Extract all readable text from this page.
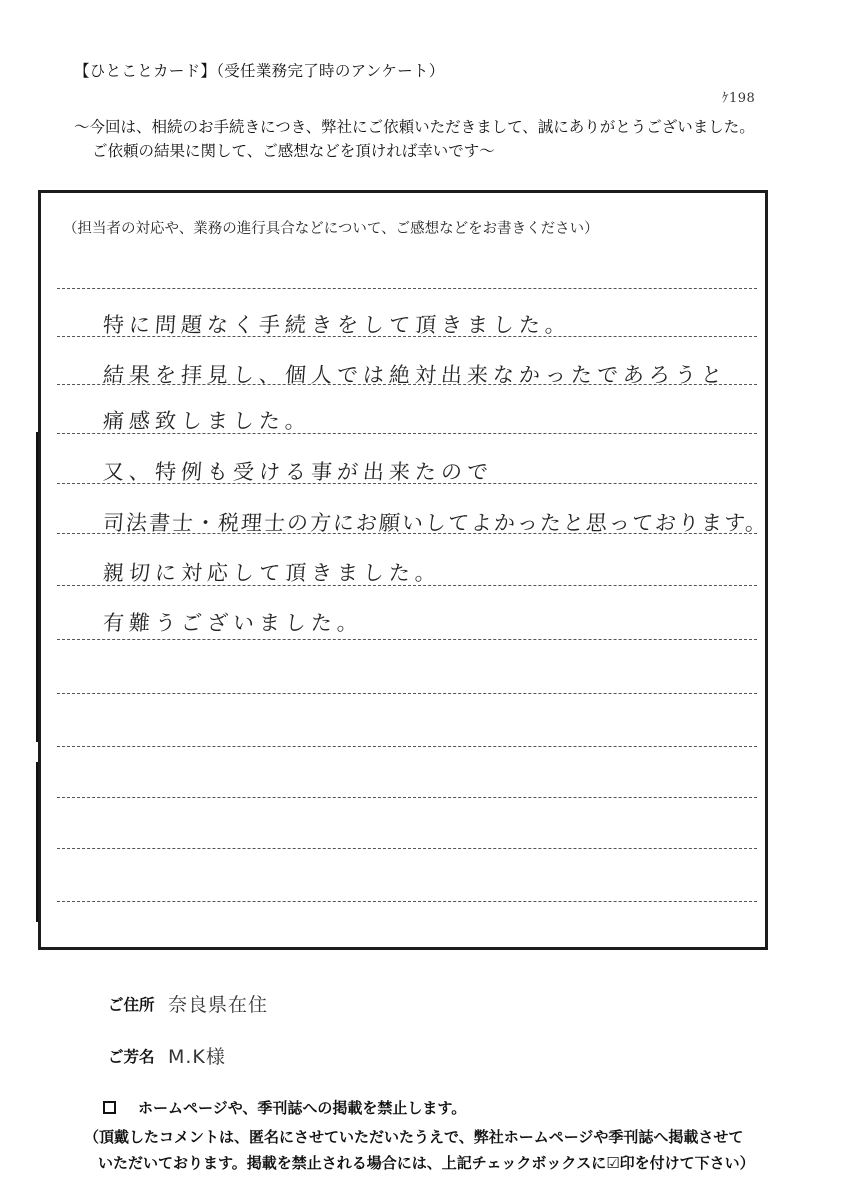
【ひとことカード】（受任業務完了時のアンケート）
ｹ198
～今回は、相続のお手続きにつき、弊社にご依頼いただきまして、誠にありがとうございました。
ご依頼の結果に関して、ご感想などを頂ければ幸いです～
（担当者の対応や、業務の進行具合などについて、ご感想などをお書きください）
特に問題なく手続きをして頂きました。
結果を拝見し、個人では絶対出来なかったであろうと
痛感致しました。
又、特例も受ける事が出来たので
司法書士・税理士の方にお願いしてよかったと思っております。
親切に対応して頂きました。
有難うございました。
ご住所 奈良県在住
ご芳名 M.K様
ホームページや、季刊誌への掲載を禁止します。
（頂戴したコメントは、匿名にさせていただいたうえで、弊社ホームページや季刊誌へ掲載させて
いただいております。掲載を禁止される場合には、上記チェックボックスに☑印を付けて下さい）
